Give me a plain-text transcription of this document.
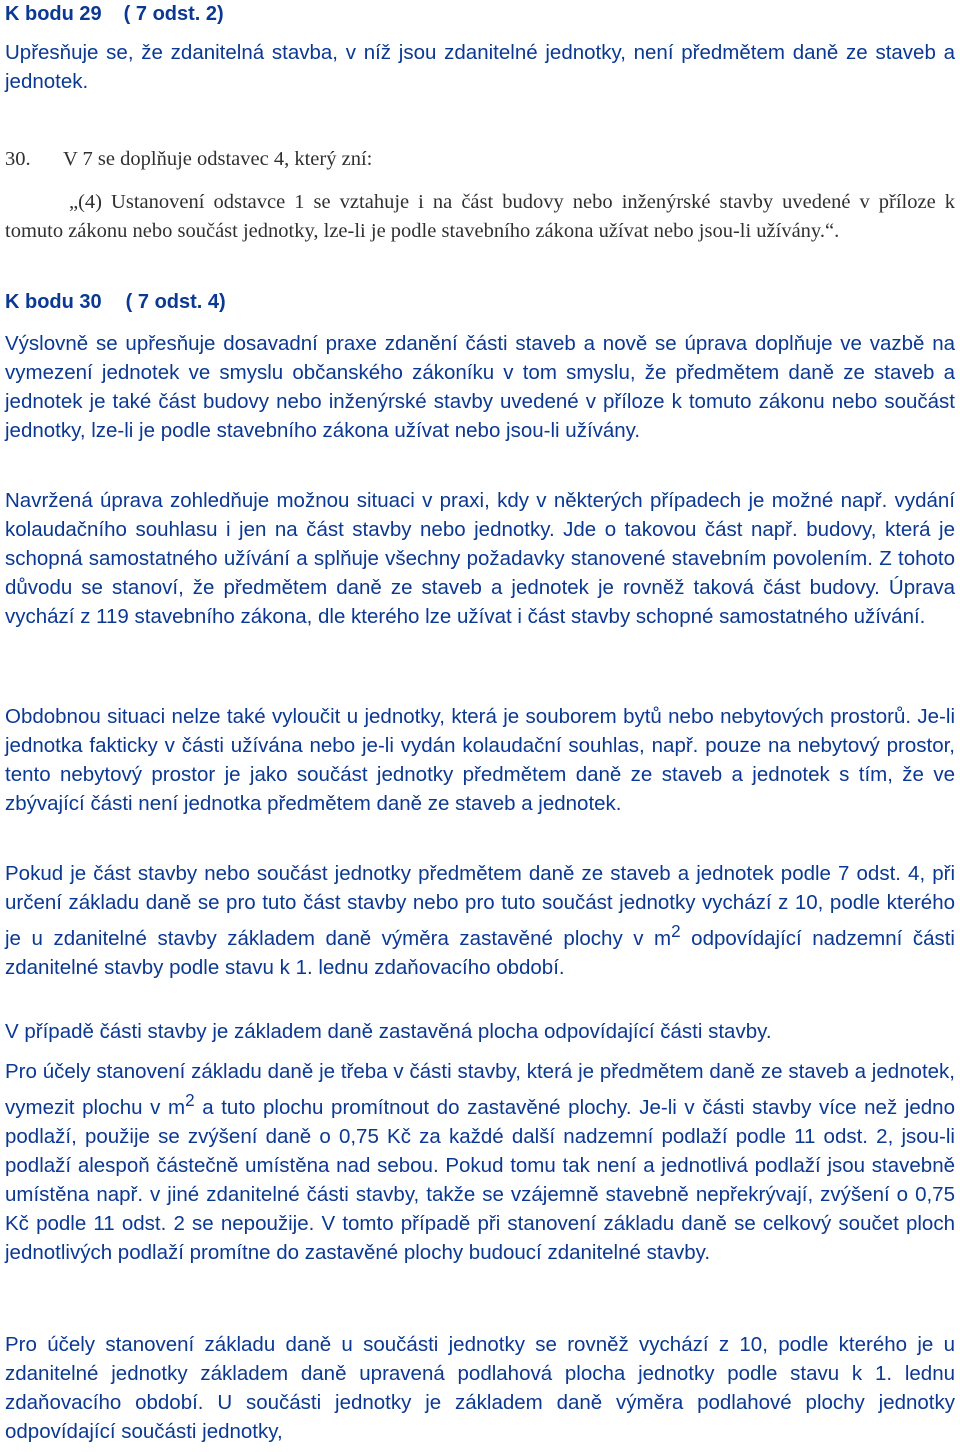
K bodu 29 ( 7 odst. 2)

Upřesňuje se, že zdanitelná stavba, v níž jsou zdanitelné jednotky, není předmětem daně ze staveb a jednotek.

30. V 7 se doplňuje odstavec 4, který zní:

„(4) Ustanovení odstavce 1 se vztahuje i na část budovy nebo inženýrské stavby uvedené v příloze k tomuto zákonu nebo součást jednotky, lze-li je podle stavebního zákona užívat nebo jsou-li užívány.“.

K bodu 30 ( 7 odst. 4)

Výslovně se upřesňuje dosavadní praxe zdanění části staveb a nově se úprava doplňuje ve vazbě na vymezení jednotek ve smyslu občanského zákoníku v tom smyslu, že předmětem daně ze staveb a jednotek je také část budovy nebo inženýrské stavby uvedené v příloze k tomuto zákonu nebo součást jednotky, lze-li je podle stavebního zákona užívat nebo jsou-li užívány.

Navržená úprava zohledňuje možnou situaci v praxi, kdy v některých případech je možné např. vydání kolaudačního souhlasu i jen na část stavby nebo jednotky. Jde o takovou část např. budovy, která je schopná samostatného užívání a splňuje všechny požadavky stanovené stavebním povolením. Z tohoto důvodu se stanoví, že předmětem daně ze staveb a jednotek je rovněž taková část budovy. Úprava vychází z 119 stavebního zákona, dle kterého lze užívat i část stavby schopné samostatného užívání.

Obdobnou situaci nelze také vyloučit u jednotky, která je souborem bytů nebo nebytových prostorů. Je-li jednotka fakticky v části užívána nebo je-li vydán kolaudační souhlas, např. pouze na nebytový prostor, tento nebytový prostor je jako součást jednotky předmětem daně ze staveb a jednotek s tím, že ve zbývající části není jednotka předmětem daně ze staveb a jednotek.

Pokud je část stavby nebo součást jednotky předmětem daně ze staveb a jednotek podle 7 odst. 4, při určení základu daně se pro tuto část stavby nebo pro tuto součást jednotky vychází z 10, podle kterého je u zdanitelné stavby základem daně výměra zastavěné plochy v $m^2$ odpovídající nadzemní části zdanitelné stavby podle stavu k 1. lednu zdaňovacího období.

V případě části stavby je základem daně zastavěná plocha odpovídající části stavby.

Pro účely stanovení základu daně je třeba v části stavby, která je předmětem daně ze staveb a jednotek, vymezit plochu v $m^2$ a tuto plochu promítnout do zastavěné plochy. Je-li v části stavby více než jedno podlaží, použije se zvýšení daně o 0,75 Kč za každé další nadzemní podlaží podle 11 odst. 2, jsou-li podlaží alespoň částečně umístěna nad sebou. Pokud tomu tak není a jednotlivá podlaží jsou stavebně umístěna např. v jiné zdanitelné části stavby, takže se vzájemně stavebně nepřekrývají, zvýšení o 0,75 Kč podle 11 odst. 2 se nepoužije. V tomto případě při stanovení základu daně se celkový součet ploch jednotlivých podlaží promítne do zastavěné plochy budoucí zdanitelné stavby.

Pro účely stanovení základu daně u součásti jednotky se rovněž vychází z 10, podle kterého je u zdanitelné jednotky základem daně upravená podlahová plocha jednotky podle stavu k 1. lednu zdaňovacího období. U součásti jednotky je základem daně výměra podlahové plochy jednotky odpovídající součásti jednotky,
